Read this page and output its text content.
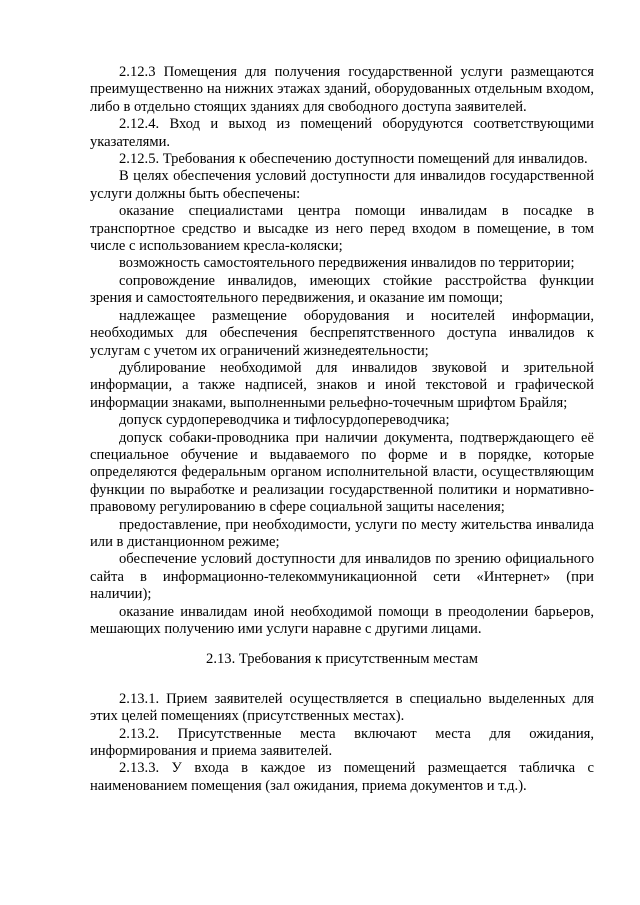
2.12.3 Помещения для получения государственной услуги размещаются преимущественно на нижних этажах зданий, оборудованных отдельным входом, либо в отдельно стоящих зданиях для свободного доступа заявителей.

2.12.4. Вход и выход из помещений оборудуются соответствующими указателями.

2.12.5. Требования к обеспечению доступности помещений для инвалидов.

В целях обеспечения условий доступности для инвалидов государственной услуги должны быть обеспечены:

оказание специалистами центра помощи инвалидам в посадке в транспортное средство и высадке из него перед входом в помещение, в том числе с использованием кресла-коляски;

возможность самостоятельного передвижения инвалидов по территории;

сопровождение инвалидов, имеющих стойкие расстройства функции зрения и самостоятельного передвижения, и оказание им помощи;

надлежащее размещение оборудования и носителей информации, необходимых для обеспечения беспрепятственного доступа инвалидов к услугам с учетом их ограничений жизнедеятельности;

дублирование необходимой для инвалидов звуковой и зрительной информации, а также надписей, знаков и иной текстовой и графической информации знаками, выполненными рельефно-точечным шрифтом Брайля;

допуск сурдопереводчика и тифлосурдопереводчика;

допуск собаки-проводника при наличии документа, подтверждающего её специальное обучение и выдаваемого по форме и в порядке, которые определяются федеральным органом исполнительной власти, осуществляющим функции по выработке и реализации государственной политики и нормативно-правовому регулированию в сфере социальной защиты населения;

предоставление, при необходимости, услуги по месту жительства инвалида или в дистанционном режиме;

обеспечение условий доступности для инвалидов по зрению официального сайта в информационно-телекоммуникационной сети «Интернет» (при наличии);

оказание инвалидам иной необходимой помощи в преодолении барьеров, мешающих получению ими услуги наравне с другими лицами.

2.13. Требования к присутственным местам

2.13.1. Прием заявителей осуществляется в специально выделенных для этих целей помещениях (присутственных местах).

2.13.2. Присутственные места включают места для ожидания, информирования и приема заявителей.

2.13.3. У входа в каждое из помещений размещается табличка с наименованием помещения (зал ожидания, приема документов и т.д.).
